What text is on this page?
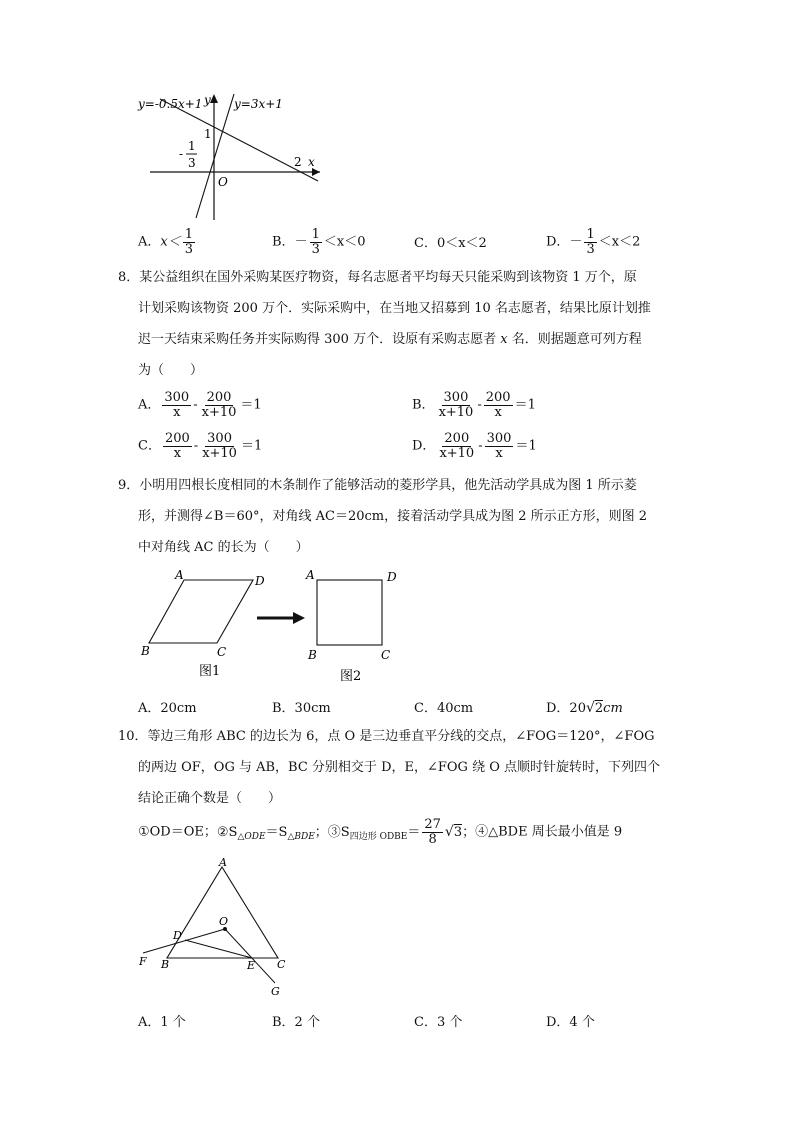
y=-0.5x+1	y=3x+1
y
x
O
1
2
-
1
3
A．$x< \frac{1}{3}$	B．－ $\frac{1}{3} <x<0$	C．0＜x＜2	D．－ $\frac{1}{3} <x<2$
8．某公益组织在国外采购某医疗物资，每名志愿者平均每天只能采购到该物资 1 万个，原
计划采购该物资 200 万个．实际采购中，在当地又招募到 10 名志愿者，结果比原计划推
迟一天结束采购任务并实际购得 300 万个．设原有采购志愿者 x 名．则据题意可列方程
为（　　）
A． $\frac{300}{x} - \frac{200}{x+10} =1$	B． $\frac{300}{x+10} - \frac{200}{x} =1$
C． $\frac{200}{x} - \frac{300}{x+10} =1$	D． $\frac{200}{x+10} - \frac{300}{x} =1$
9．小明用四根长度相同的木条制作了能够活动的菱形学具，他先活动学具成为图 1 所示菱
形，并测得∠B＝60°，对角线 AC＝20cm，接着活动学具成为图 2 所示正方形，则图 2
中对角线 AC 的长为（　　）
A	D
B	C
图1
A	D
B	C
图2
A．20cm	B．30cm	C．40cm	D．20√2cm
10．等边三角形 ABC 的边长为 6，点 O 是三边垂直平分线的交点，∠FOG＝120°，∠FOG
的两边 OF，OG 与 AB，BC 分别相交于 D，E，∠FOG 绕 O 点顺时针旋转时，下列四个
结论正确个数是（　　）
①OD＝OE；$②S_{\triangle ODE}=S_{\triangle BDE}$；$③S_{四边形 ODBE}= \frac{27}{8} √3$；④△BDE 周长最小值是 9
A
O
D
F B	E C
G
A．1 个	B．2 个	C．3 个	D．4 个
